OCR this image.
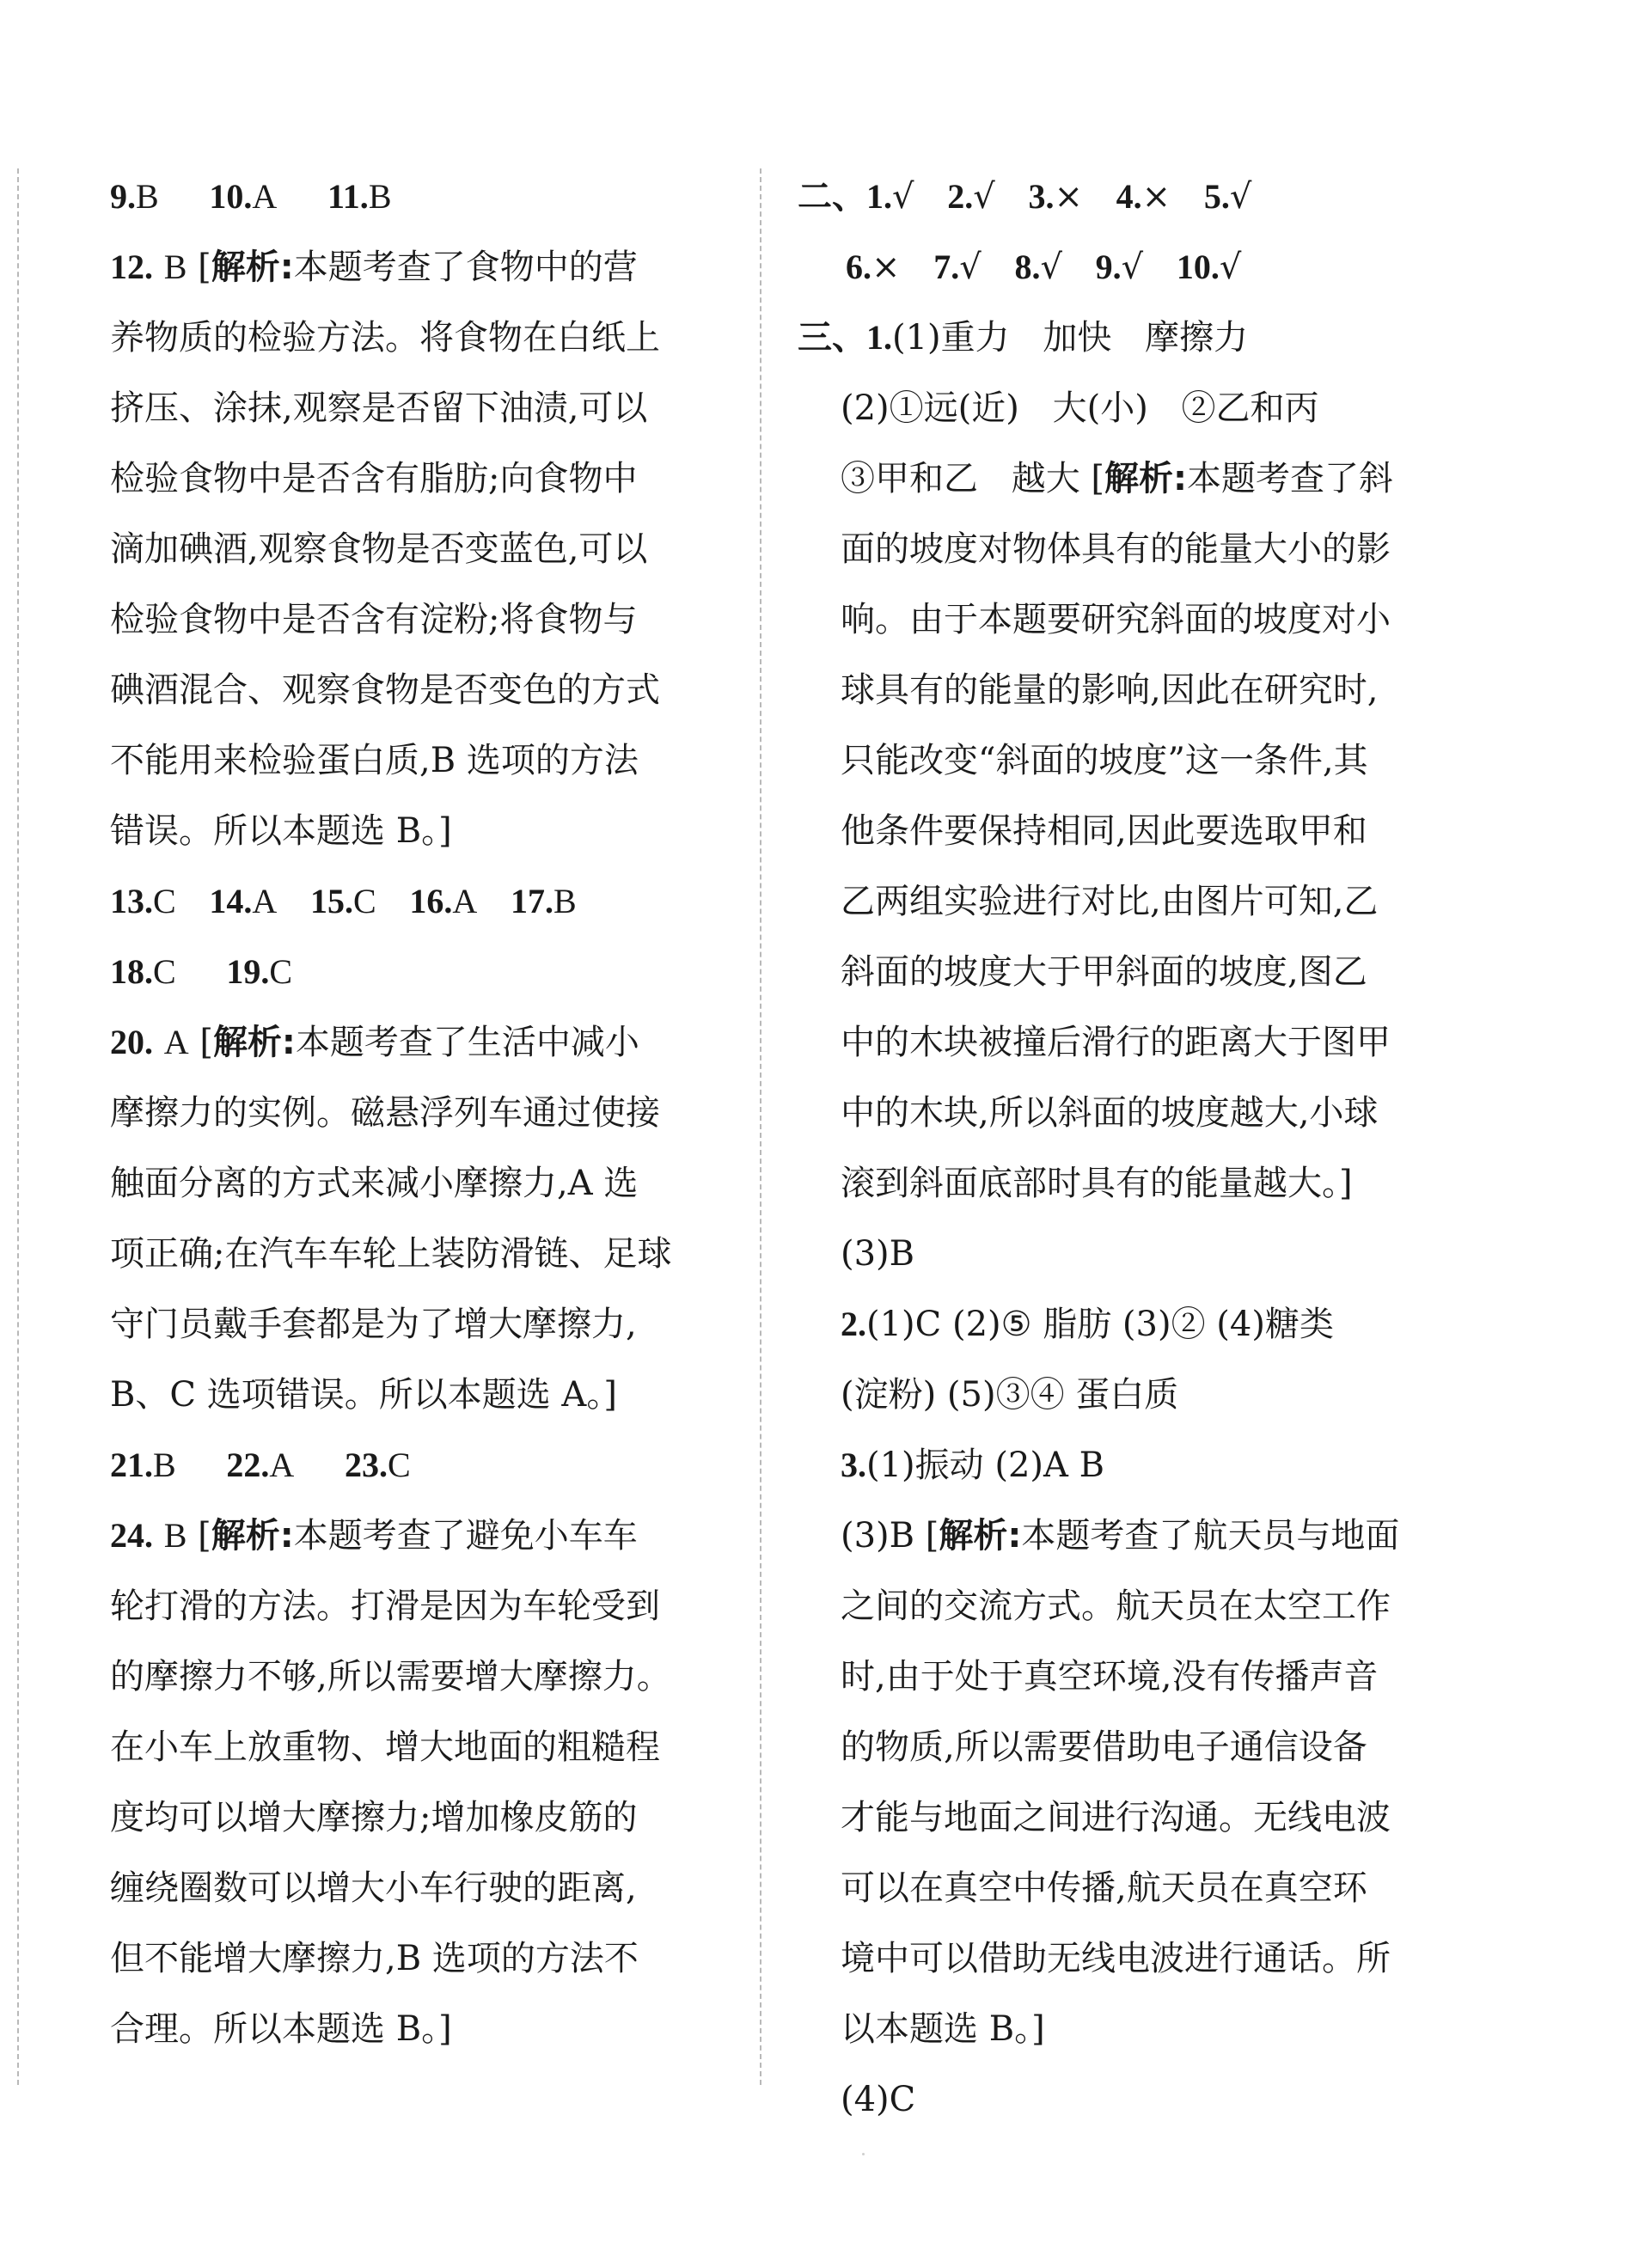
9.B 10.A 11.B
12. B [解析:本题考查了食物中的营
养物质的检验方法。将食物在白纸上
挤压、涂抹,观察是否留下油渍,可以
检验食物中是否含有脂肪;向食物中
滴加碘酒,观察食物是否变蓝色,可以
检验食物中是否含有淀粉;将食物与
碘酒混合、观察食物是否变色的方式
不能用来检验蛋白质,B 选项的方法
错误。所以本题选 B。]
13.C 14.A 15.C 16.A 17.B
18.C 19.C
20. A [解析:本题考查了生活中减小
摩擦力的实例。磁悬浮列车通过使接
触面分离的方式来减小摩擦力,A 选
项正确;在汽车车轮上装防滑链、足球
守门员戴手套都是为了增大摩擦力,
B、C 选项错误。所以本题选 A。]
21.B 22.A 23.C
24. B [解析:本题考查了避免小车车
轮打滑的方法。打滑是因为车轮受到
的摩擦力不够,所以需要增大摩擦力。
在小车上放重物、增大地面的粗糙程
度均可以增大摩擦力;增加橡皮筋的
缠绕圈数可以增大小车行驶的距离,
但不能增大摩擦力,B 选项的方法不
合理。所以本题选 B。]
二、1.√ 2.√ 3.× 4.× 5.√
6.× 7.√ 8.√ 9.√ 10.√
三、1.(1)重力 加快 摩擦力
(2)①远(近) 大(小) ②乙和丙
③甲和乙 越大 [解析:本题考查了斜
面的坡度对物体具有的能量大小的影
响。由于本题要研究斜面的坡度对小
球具有的能量的影响,因此在研究时,
只能改变“斜面的坡度”这一条件,其
他条件要保持相同,因此要选取甲和
乙两组实验进行对比,由图片可知,乙
斜面的坡度大于甲斜面的坡度,图乙
中的木块被撞后滑行的距离大于图甲
中的木块,所以斜面的坡度越大,小球
滚到斜面底部时具有的能量越大。]
(3)B
2.(1)C (2)⑤ 脂肪 (3)② (4)糖类
(淀粉) (5)③④ 蛋白质
3.(1)振动 (2)A B
(3)B [解析:本题考查了航天员与地面
之间的交流方式。航天员在太空工作
时,由于处于真空环境,没有传播声音
的物质,所以需要借助电子通信设备
才能与地面之间进行沟通。无线电波
可以在真空中传播,航天员在真空环
境中可以借助无线电波进行通话。所
以本题选 B。]
(4)C
